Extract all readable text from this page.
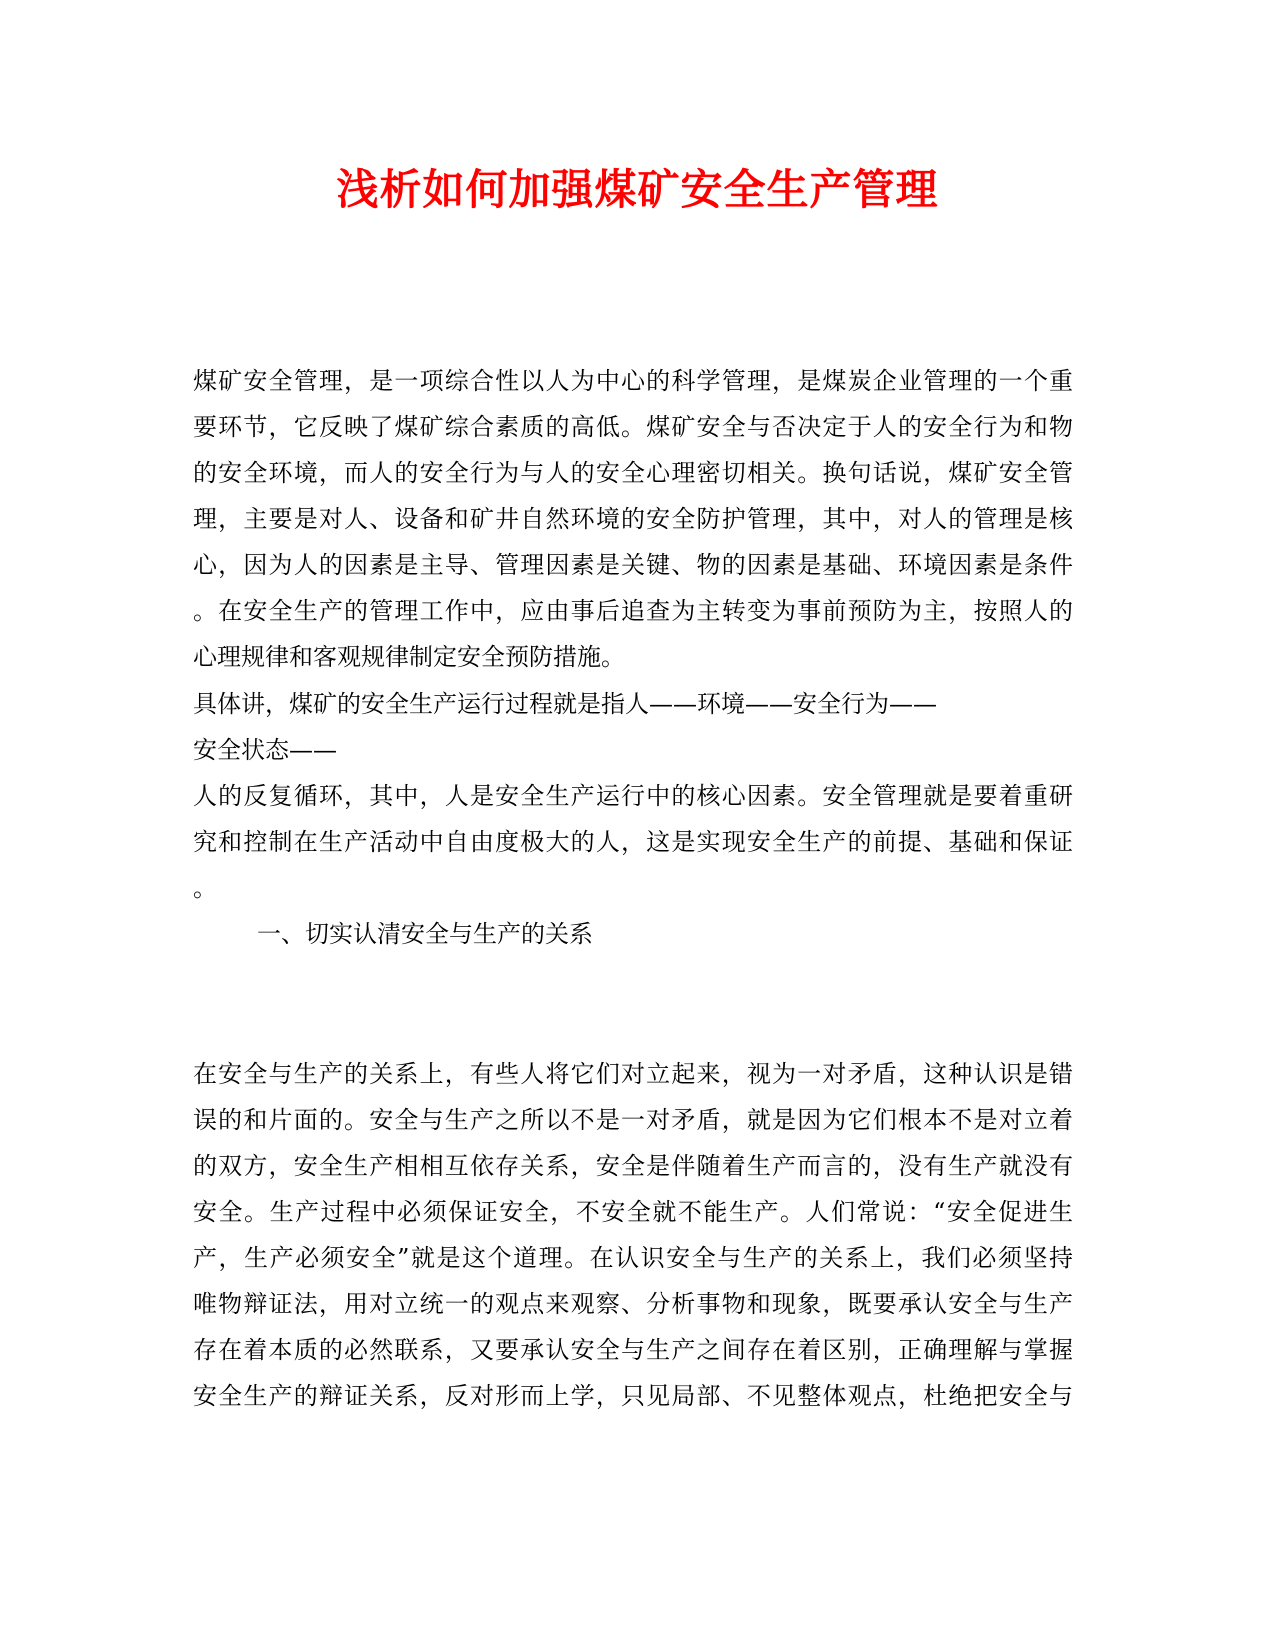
浅析如何加强煤矿安全生产管理
煤矿安全管理，是一项综合性以人为中心的科学管理，是煤炭企业管理的一个重
要环节，它反映了煤矿综合素质的高低。煤矿安全与否决定于人的安全行为和物
的安全环境，而人的安全行为与人的安全心理密切相关。换句话说，煤矿安全管
理，主要是对人、设备和矿井自然环境的安全防护管理，其中，对人的管理是核
心，因为人的因素是主导、管理因素是关键、物的因素是基础、环境因素是条件
。在安全生产的管理工作中，应由事后追查为主转变为事前预防为主，按照人的
心理规律和客观规律制定安全预防措施。
具体讲，煤矿的安全生产运行过程就是指人——环境——安全行为——
安全状态——
人的反复循环，其中，人是安全生产运行中的核心因素。安全管理就是要着重研
究和控制在生产活动中自由度极大的人，这是实现安全生产的前提、基础和保证
。
一、切实认清安全与生产的关系
在安全与生产的关系上，有些人将它们对立起来，视为一对矛盾，这种认识是错
误的和片面的。安全与生产之所以不是一对矛盾，就是因为它们根本不是对立着
的双方，安全生产相相互依存关系，安全是伴随着生产而言的，没有生产就没有
安全。生产过程中必须保证安全，不安全就不能生产。人们常说：“安全促进生
产，生产必须安全”就是这个道理。在认识安全与生产的关系上，我们必须坚持
唯物辩证法，用对立统一的观点来观察、分析事物和现象，既要承认安全与生产
存在着本质的必然联系，又要承认安全与生产之间存在着区别，正确理解与掌握
安全生产的辩证关系，反对形而上学，只见局部、不见整体观点，杜绝把安全与
